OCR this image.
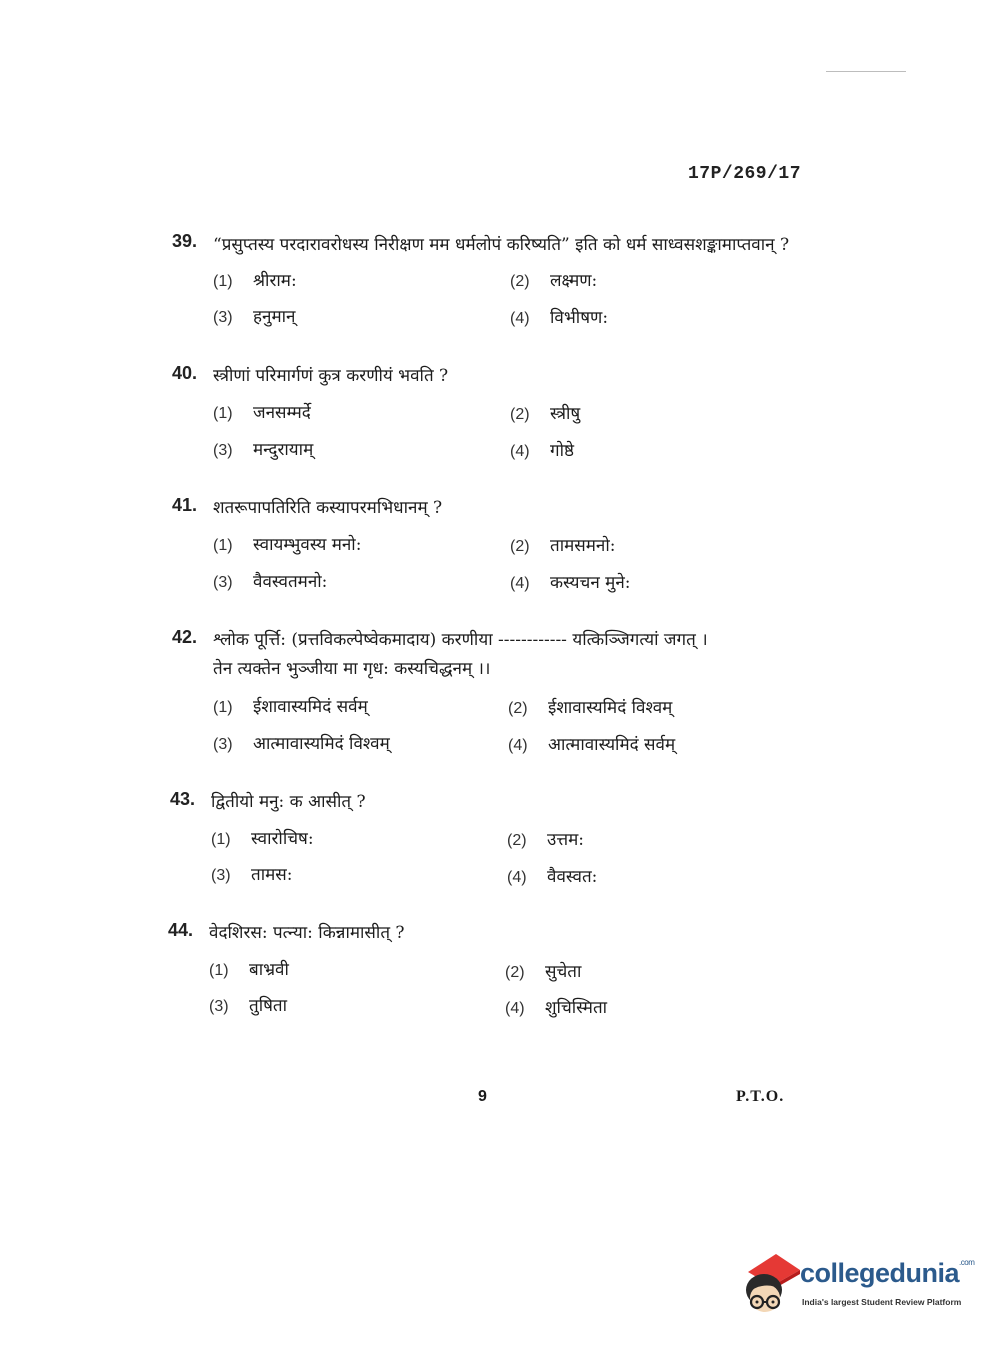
17P/269/17
39. “प्रसुप्तस्य परदारावरोधस्य निरीक्षण मम धर्मलोपं करिष्यति” इति को धर्म साध्वसशङ्कामाप्तवान् ?
(1) श्रीराम:	(2) लक्ष्मण:
(3) हनुमान्	(4) विभीषण:
40. स्त्रीणां परिमार्गणं कुत्र करणीयं भवति ?
(1) जनसम्मर्दे	(2) स्त्रीषु
(3) मन्दुरायाम्	(4) गोष्ठे
41. शतरूपापतिरिति कस्यापरमभिधानम् ?
(1) स्वायम्भुवस्य मनो:	(2) तामसमनो:
(3) वैवस्वतमनो:	(4) कस्यचन मुने:
42. श्लोक पूर्त्ति: (प्रत्तविकल्पेष्वेकमादाय) करणीया ------------ यत्किञ्जिगत्यां जगत् ।
तेन त्यक्तेन भुञ्जीया मा गृध: कस्यचिद्धनम् ।।
(1) ईशावास्यमिदं सर्वम्	(2) ईशावास्यमिदं विश्वम्
(3) आत्मावास्यमिदं विश्वम्	(4) आत्मावास्यमिदं सर्वम्
43. द्वितीयो मनु: क आसीत् ?
(1) स्वारोचिष:	(2) उत्तम:
(3) तामस:	(4) वैवस्वत:
44. वेदशिरस: पत्न्या: किन्नामासीत् ?
(1) बाभ्रवी	(2) सुचेता
(3) तुषिता	(4) शुचिस्मिता
9	P.T.O.
collegedunia$^{.com}$
India's largest Student Review Platform
